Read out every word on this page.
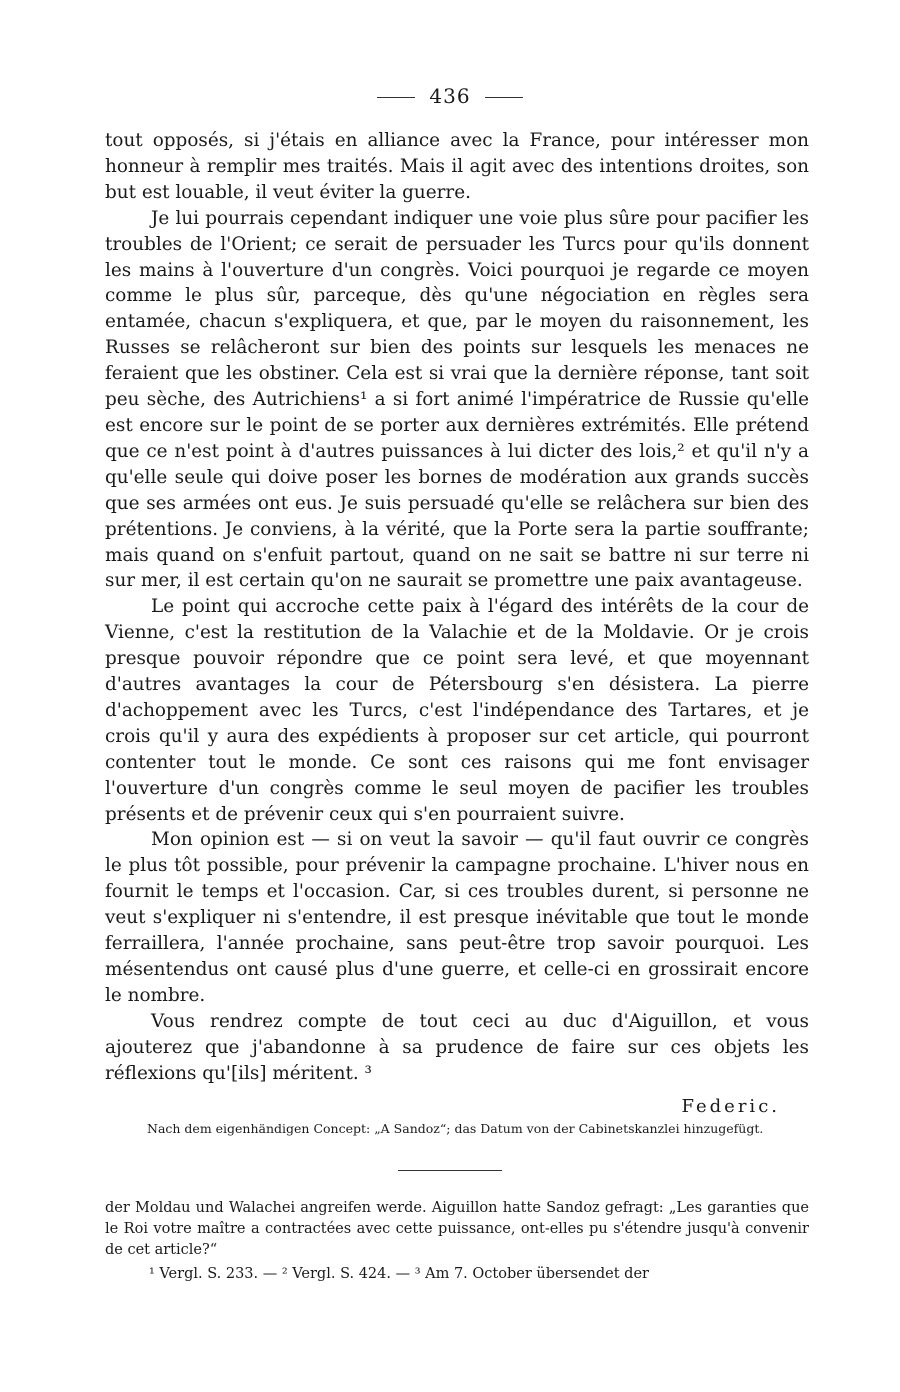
436

tout opposés, si j'étais en alliance avec la France, pour intéresser mon honneur à remplir mes traités. Mais il agit avec des intentions droites, son but est louable, il veut éviter la guerre.

Je lui pourrais cependant indiquer une voie plus sûre pour pacifier les troubles de l'Orient; ce serait de persuader les Turcs pour qu'ils donnent les mains à l'ouverture d'un congrès. Voici pourquoi je regarde ce moyen comme le plus sûr, parceque, dès qu'une négociation en règles sera entamée, chacun s'expliquera, et que, par le moyen du raisonnement, les Russes se relâcheront sur bien des points sur lesquels les menaces ne feraient que les obstiner. Cela est si vrai que la dernière réponse, tant soit peu sèche, des Autrichiens¹ a si fort animé l'impératrice de Russie qu'elle est encore sur le point de se porter aux dernières extrémités. Elle prétend que ce n'est point à d'autres puissances à lui dicter des lois,² et qu'il n'y a qu'elle seule qui doive poser les bornes de modération aux grands succès que ses armées ont eus. Je suis persuadé qu'elle se relâchera sur bien des prétentions. Je conviens, à la vérité, que la Porte sera la partie souffrante; mais quand on s'enfuit partout, quand on ne sait se battre ni sur terre ni sur mer, il est certain qu'on ne saurait se promettre une paix avantageuse.

Le point qui accroche cette paix à l'égard des intérêts de la cour de Vienne, c'est la restitution de la Valachie et de la Moldavie. Or je crois presque pouvoir répondre que ce point sera levé, et que moyennant d'autres avantages la cour de Pétersbourg s'en désistera. La pierre d'achoppement avec les Turcs, c'est l'indépendance des Tartares, et je crois qu'il y aura des expédients à proposer sur cet article, qui pourront contenter tout le monde. Ce sont ces raisons qui me font envisager l'ouverture d'un congrès comme le seul moyen de pacifier les troubles présents et de prévenir ceux qui s'en pourraient suivre.

Mon opinion est — si on veut la savoir — qu'il faut ouvrir ce congrès le plus tôt possible, pour prévenir la campagne prochaine. L'hiver nous en fournit le temps et l'occasion. Car, si ces troubles durent, si personne ne veut s'expliquer ni s'entendre, il est presque inévitable que tout le monde ferraillera, l'année prochaine, sans peut-être trop savoir pourquoi. Les mésentendus ont causé plus d'une guerre, et celle-ci en grossirait encore le nombre.

Vous rendrez compte de tout ceci au duc d'Aiguillon, et vous ajouterez que j'abandonne à sa prudence de faire sur ces objets les réflexions qu'[ils] méritent. ³

Federic.
Nach dem eigenhändigen Concept: „A Sandoz“; das Datum von der Cabinetskanzlei hinzugefügt.

der Moldau und Walachei angreifen werde. Aiguillon hatte Sandoz gefragt: „Les garanties que le Roi votre maître a contractées avec cette puissance, ont-elles pu s'étendre jusqu'à convenir de cet article?“

¹ Vergl. S. 233. — ² Vergl. S. 424. — ³ Am 7. October übersendet der
